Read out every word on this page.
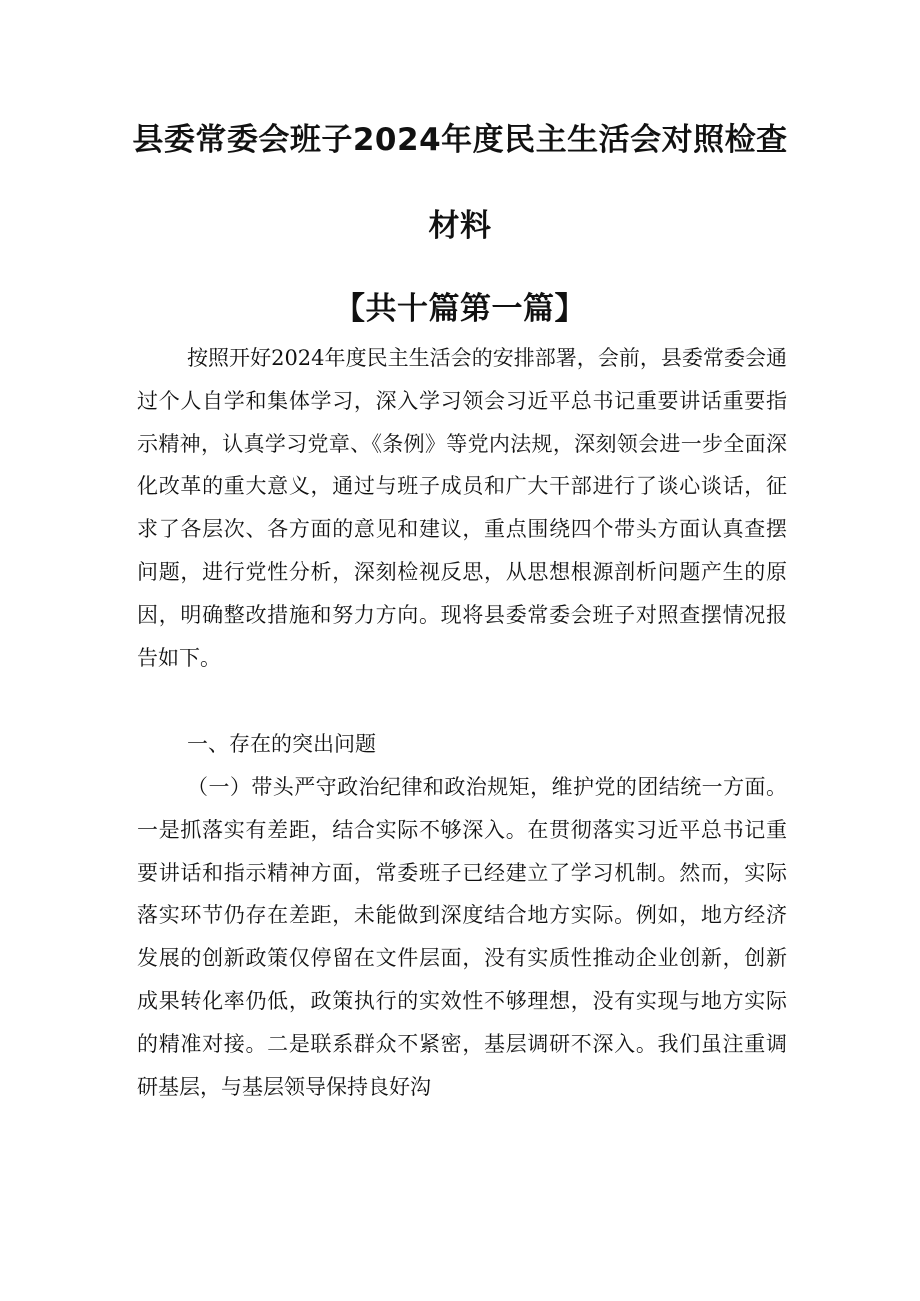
县委常委会班子2024年度民主生活会对照检查
材料
【共十篇第一篇】

按照开好2024年度民主生活会的安排部署，会前，县委常委会通过个人自学和集体学习，深入学习领会习近平总书记重要讲话重要指示精神，认真学习党章、《条例》等党内法规，深刻领会进一步全面深化改革的重大意义，通过与班子成员和广大干部进行了谈心谈话，征求了各层次、各方面的意见和建议，重点围绕四个带头方面认真查摆问题，进行党性分析，深刻检视反思，从思想根源剖析问题产生的原因，明确整改措施和努力方向。现将县委常委会班子对照查摆情况报告如下。

一、存在的突出问题

（一）带头严守政治纪律和政治规矩，维护党的团结统一方面。一是抓落实有差距，结合实际不够深入。在贯彻落实习近平总书记重要讲话和指示精神方面，常委班子已经建立了学习机制。然而，实际落实环节仍存在差距，未能做到深度结合地方实际。例如，地方经济发展的创新政策仅停留在文件层面，没有实质性推动企业创新，创新成果转化率仍低，政策执行的实效性不够理想，没有实现与地方实际的精准对接。二是联系群众不紧密，基层调研不深入。我们虽注重调研基层，与基层领导保持良好沟
